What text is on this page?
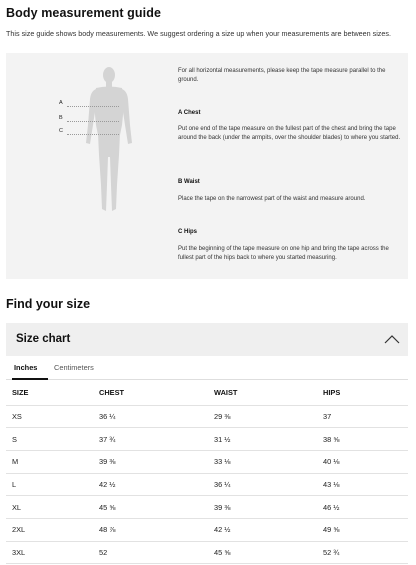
Body measurement guide
This size guide shows body measurements. We suggest ordering a size up when your measurements are between sizes.
A
B
C
For all horizontal measurements, please keep the tape measure parallel to the ground.
A Chest
Put one end of the tape measure on the fullest part of the chest and bring the tape around the back (under the armpits, over the shoulder blades) to where you started.
B Waist
Place the tape on the narrowest part of the waist and measure around.
C Hips
Put the beginning of the tape measure on one hip and bring the tape across the fullest part of the hips back to where you started measuring.
Find your size
Size chart
Inches Centimeters
SIZE	CHEST	WAIST	HIPS
XS	36 ¼	29 ⅜	37
S	37 ¾	31 ½	38 ⅝
M	39 ⅜	33 ⅛	40 ⅛
L	42 ½	36 ¼	43 ⅛
XL	45 ⅝	39 ⅜	46 ½
2XL	48 ⅞	42 ½	49 ⅝
3XL	52	45 ⅝	52 ¾
